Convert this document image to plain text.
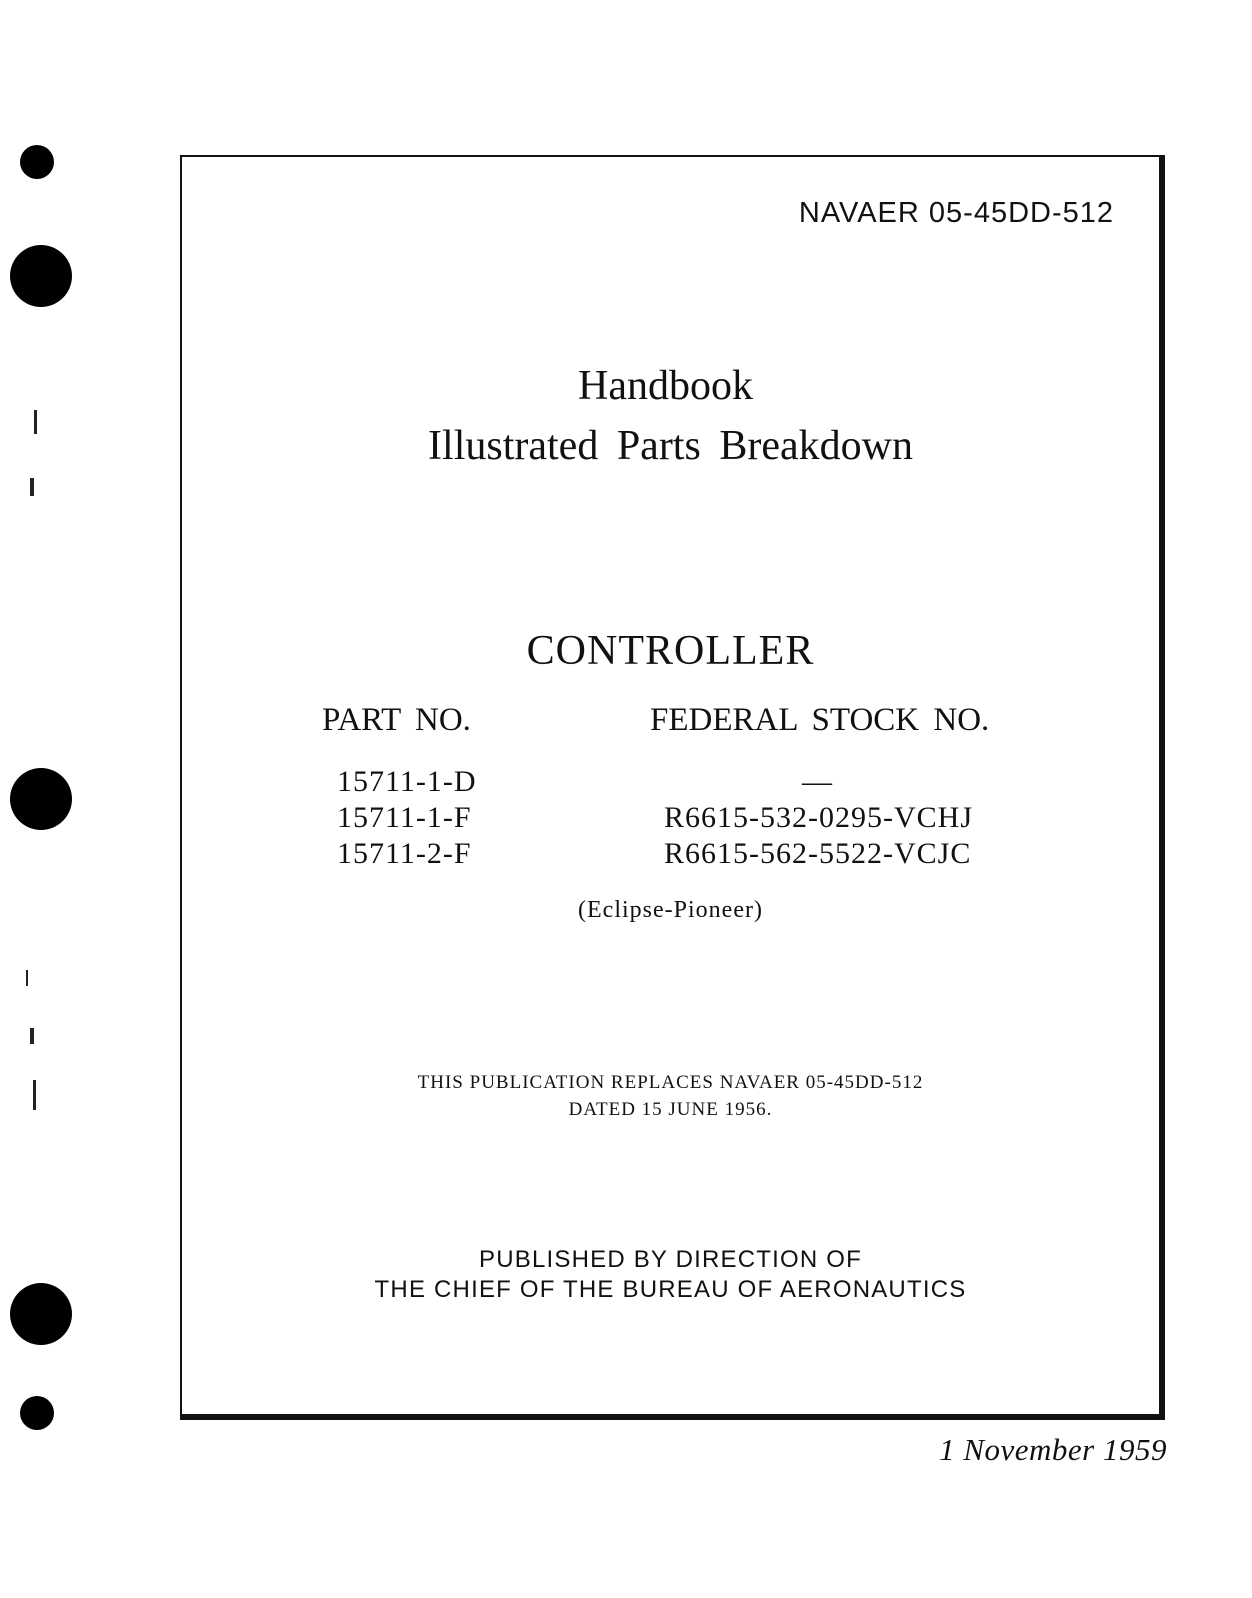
NAVAER 05-45DD-512
Handbook
Illustrated Parts Breakdown
CONTROLLER
PART NO.	FEDERAL STOCK NO.
15711-1-D	—
15711-1-F	R6615-532-0295-VCHJ
15711-2-F	R6615-562-5522-VCJC
(Eclipse-Pioneer)
THIS PUBLICATION REPLACES NAVAER 05-45DD-512
DATED 15 JUNE 1956.
PUBLISHED BY DIRECTION OF
THE CHIEF OF THE BUREAU OF AERONAUTICS
1 November 1959
